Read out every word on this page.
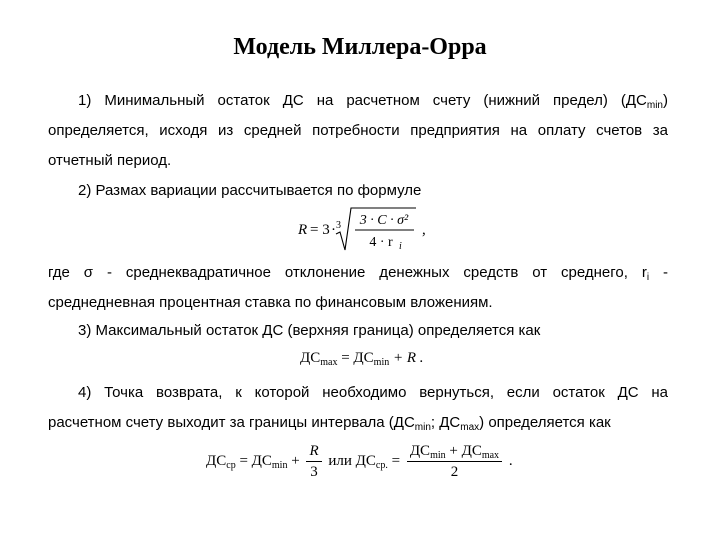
Модель Миллера-Орра
1) Минимальный остаток ДС на расчетном счету (нижний предел) $(ДС_{min})$
определяется, исходя из средней потребности предприятия на оплату счетов за
отчетный период.
2) Размах вариации рассчитывается по формуле
R = 3 · 3 3 · C · σ²
4 · r i
,
где σ - среднеквадратичное отклонение денежных средств от среднего, $r_i$ -
среднедневная процентная ставка по финансовым вложениям.
3) Максимальный остаток ДС (верхняя граница) определяется как
$ДС_{max} = ДС_{min} + R$ .
4) Точка возврата, к которой необходимо вернуться, если остаток ДС на
расчетном счету выходит за границы интервала ($ДС_{min}$; $ДС_{max}$) определяется как
$ДС_{ср} = ДС_{min} + \frac{R}{3}$ или $ДС_{ср.} = \frac{ДС_{min} + ДС_{max}}{2}$ .
